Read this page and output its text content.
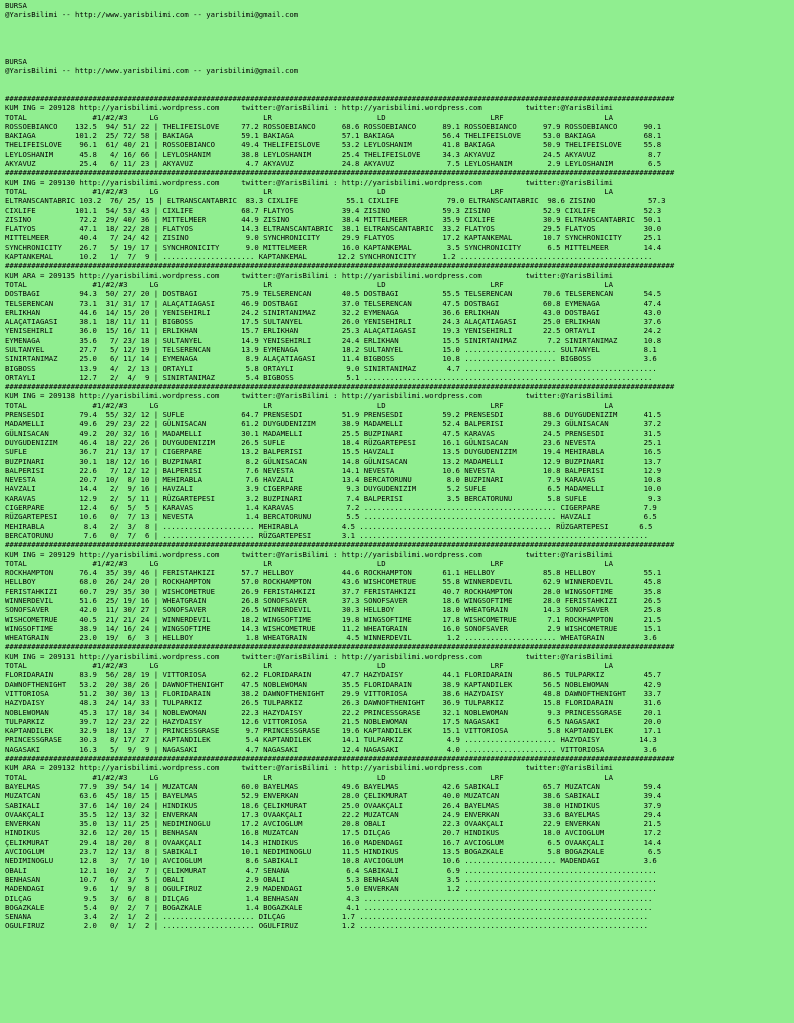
BURSA
@YarisBilimi -- http://www.yarisbilimi.com -- yarisbilimi@gmail.com

BURSA
@YarisBilimi -- http://www.yarisbilimi.com -- yarisbilimi@gmail.com

#########################################################################################################################################################
KUM ING = 209128 http://yarisbilimi.wordpress.com     twitter:@YarisBilimi : http://yarisbilimi.wordpress.com          twitter:@YarisBilimi
TOTAL               #1/#2/#3     LG                        LR                        LD                        LRF                       LA
ROSSOEBIANCO    132.5  94/ 51/ 22 | THELIFEISLOVE     77.2 ROSSOEBIANCO      68.6 ROSSOEBIANCO      89.1 ROSSOEBIANCO      97.9 ROSSOEBIANCO      90.1
BAKIAGA         101.2  25/ 72/ 58 | BAKIAGA           59.1 BAKIAGA           57.1 BAKIAGA           56.4 THELIFEISLOVE     53.0 BAKIAGA           68.1
THELIFEISLOVE    96.1  61/ 40/ 21 | ROSSOEBIANCO      49.4 THELIFEISLOVE     53.2 LEYLOSHANIM       41.8 BAKIAGA           50.9 THELIFEISLOVE     55.8
LEYLOSHANIM      45.8   4/ 16/ 66 | LEYLOSHANIM       38.8 LEYLOSHANIM       25.4 THELIFEISLOVE     34.3 AKYAVUZ           24.5 AKYAVUZ            8.7
AKYAVUZ          25.4   6/ 11/ 23 | AKYAVUZ            4.7 AKYAVUZ           24.8 AKYAVUZ            7.5 LEYLOSHANIM        2.9 LEYLOSHANIM        6.5
#########################################################################################################################################################
KUM ING = 209130 http://yarisbilimi.wordpress.com     twitter:@YarisBilimi : http://yarisbilimi.wordpress.com          twitter:@YarisBilimi
TOTAL               #1/#2/#3     LG                        LR                        LD                        LRF                       LA
ELTRANSCANTABRIC 103.2  76/ 25/ 15 | ELTRANSCANTABRIC  83.3 CIXLIFE           55.1 CIXLIFE           79.0 ELTRANSCANTABRIC  98.6 ZISINO            57.3
CIXLIFE         101.1  54/ 53/ 43 | CIXLIFE           68.7 FLATYOS           39.4 ZISINO            59.3 ZISINO            52.9 CIXLIFE           52.3
ZISINO           72.2  29/ 40/ 36 | MITTELMEER        44.9 ZISINO            38.4 MITTELMEER        35.9 CIXLIFE           30.9 ELTRANSCANTABRIC  50.1
FLATYOS          47.1  18/ 22/ 28 | FLATYOS           14.3 ELTRANSCANTABRIC  38.1 ELTRANSCANTABRIC  33.2 FLATYOS           29.5 FLATYOS           30.0
MITTELMEER       40.4   7/ 24/ 42 | ZISINO             9.0 SYNCHRONICITY     29.9 FLATYOS           17.2 KAPTANKEMAL       10.7 SYNCHRONICITY     25.1
SYNCHRONICITY    26.7   5/ 19/ 17 | SYNCHRONICITY      9.0 MITTELMEER        16.0 KAPTANKEMAL        3.5 SYNCHRONICITY      6.5 MITTELMEER        14.4
KAPTANKEMAL      10.2   1/  7/  9 | ..................... KAPTANKEMAL       12.2 SYNCHRONICITY      1.2 ............................................
#########################################################################################################################################################
KUM ARA = 209135 http://yarisbilimi.wordpress.com     twitter:@YarisBilimi : http://yarisbilimi.wordpress.com          twitter:@YarisBilimi
TOTAL               #1/#2/#3     LG                        LR                        LD                        LRF                       LA
DOSTBAGI         94.3  50/ 27/ 20 | DOSTBAGI          75.9 TELSERENCAN       40.5 DOSTBAGI          55.5 TELSERENCAN       70.6 TELSERENCAN       54.5
TELSERENCAN      73.1  31/ 31/ 17 | ALAÇATIAGASI      46.9 DOSTBAGI          37.0 TELSERENCAN       47.5 DOSTBAGI          60.8 EYMENAGA          47.4
ERLIKHAN         44.6  14/ 15/ 20 | YENISEHIRLI       24.2 SINIRTANIMAZ      32.2 EYMENAGA          36.6 ERLIKHAN          43.0 DOSTBAGI          43.0
ALAÇATIAGASI     38.1  18/ 11/ 11 | BIGBOSS           17.5 SULTANYEL         26.0 YENISEHIRLI       24.3 ALAÇATIAGASI      25.0 ERLIKHAN          37.6
YENISEHIRLI      36.0  15/ 16/ 11 | ERLIKHAN          15.7 ERLIKHAN          25.3 ALAÇATIAGASI      19.3 YENISEHIRLI       22.5 ORTAYLI           24.2
EYMENAGA         35.6   7/ 23/ 18 | SULTANYEL         14.9 YENISEHIRLI       24.4 ERLIKHAN          15.5 SINIRTANIMAZ       7.2 SINIRTANIMAZ      10.8
SULTANYEL        27.7   5/ 12/ 19 | TELSERENCAN       13.9 EYMENAGA          18.2 SULTANYEL         15.0 ..................... SULTANYEL          8.1
SINIRTANIMAZ     25.0   6/ 11/ 14 | EYMENAGA           8.9 ALAÇATIAGASI      11.4 BIGBOSS           10.8 ..................... BIGBOSS            3.6
BIGBOSS          13.9   4/  2/ 13 | ORTAYLI            5.8 ORTAYLI            9.0 SINIRTANIMAZ       4.7 ............................................
ORTAYLI          12.7   2/  4/  9 | SINIRTANIMAZ       5.4 BIGBOSS            5.1 ..................................................................
#########################################################################################################################################################
KUM ING = 209138 http://yarisbilimi.wordpress.com     twitter:@YarisBilimi : http://yarisbilimi.wordpress.com          twitter:@YarisBilimi
TOTAL               #1/#2/#3     LG                        LR                        LD                        LRF                       LA
PRENSESDI        79.4  55/ 32/ 12 | SUFLE             64.7 PRENSESDI         51.9 PRENSESDI         59.2 PRENSESDI         88.6 DUYGUDENIZIM      41.5
MADAMELLI        49.6  29/ 23/ 22 | GÜLNISACAN        61.2 DUYGUDENIZIM      38.9 MADAMELLI         52.4 BALPERISI         29.3 GÜLNISACAN        37.2
GÜLNISACAN       49.2  20/ 32/ 16 | MADAMELLI         30.1 MADAMELLI         25.5 BUZPINARI         47.5 KARAVAS           24.5 PRENSESDI         31.5
DUYGUDENIZIM     46.4  18/ 22/ 26 | DUYGUDENIZIM      26.5 SUFLE             18.4 RÜZGARTEPESI      16.1 GÜLNISACAN        23.6 NEVESTA           25.1
SUFLE            36.7  21/ 13/ 17 | CIGERPARE         13.2 BALPERISI         15.5 HAVZALI           13.5 DUYGUDENIZIM      19.4 MEHIRABLA         16.5
BUZPINARI        30.1  18/ 12/ 16 | BUZPINARI          8.2 GÜLNISACAN        14.8 GÜLNISACAN        13.2 MADAMELLI         12.9 BUZPINARI         13.7
BALPERISI        22.6   7/ 12/ 12 | BALPERISI          7.6 NEVESTA           14.1 NEVESTA           10.6 NEVESTA           10.8 BALPERISI         12.9
NEVESTA          20.7  10/  8/ 10 | MEHIRABLA          7.6 HAVZALI           13.4 BERCATORUNU        8.0 BUZPINARI          7.9 KARAVAS           10.8
HAVZALI          14.4   2/  9/ 16 | HAVZALI            3.9 CIGERPARE          9.3 DUYGUDENIZIM       5.2 SUFLE              6.5 MADAMELLI         10.0
KARAVAS          12.9   2/  5/ 11 | RÜZGARTEPESI       3.2 BUZPINARI          7.4 BALPERISI          3.5 BERCATORUNU        5.8 SUFLE              9.3
CIGERPARE        12.4   6/  5/  5 | KARAVAS            1.4 KARAVAS            7.2 ............................................ CIGERPARE          7.9
RÜZGARTEPESI     10.6   0/  7/ 13 | NEVESTA            1.4 BERCATORUNU        5.5 ............................................ HAVZALI            6.5
MEHIRABLA         8.4   2/  3/  8 | ..................... MEHIRABLA          4.5 ............................................ RÜZGARTEPESI       6.5
BERCATORUNU       7.6   0/  7/  6 | ..................... RÜZGARTEPESI       3.1 ..................................................................
#########################################################################################################################################################
KUM ING = 209129 http://yarisbilimi.wordpress.com     twitter:@YarisBilimi : http://yarisbilimi.wordpress.com          twitter:@YarisBilimi
TOTAL               #1/#2/#3     LG                        LR                        LD                        LRF                       LA
ROCKHAMPTON      76.4  35/ 39/ 46 | FERISTAHKIZI      57.7 HELLBOY           44.6 ROCKHAMPTON       61.1 HELLBOY           85.8 HELLBOY           55.1
HELLBOY          68.0  26/ 24/ 20 | ROCKHAMPTON       57.0 ROCKHAMPTON       43.6 WISHCOMETRUE      55.8 WINNERDEVIL       62.9 WINNERDEVIL       45.8
FERISTAHKIZI     60.7  29/ 35/ 30 | WISHCOMETRUE      26.9 FERISTAHKIZI      37.7 FERISTAHKIZI      40.7 ROCKHAMPTON       28.0 WINGSOFTIME       35.8
WINNERDEVIL      51.6  25/ 19/ 16 | WHEATGRAIN        26.8 SONOFSAVER        37.3 SONOFSAVER        18.6 WINGSOFTIME       28.0 FERISTAHKIZI      26.5
SONOFSAVER       42.0  11/ 30/ 27 | SONOFSAVER        26.5 WINNERDEVIL       30.3 HELLBOY           18.0 WHEATGRAIN        14.3 SONOFSAVER        25.8
WISHCOMETRUE     40.5  21/ 21/ 24 | WINNERDEVIL       18.2 WINGSOFTIME       19.8 WINGSOFTIME       17.8 WISHCOMETRUE       7.1 ROCKHAMPTON       21.5
WINGSOFTIME      38.9  14/ 16/ 24 | WINGSOFTIME       14.3 WISHCOMETRUE      11.2 WHEATGRAIN        16.0 SONOFSAVER         2.9 WISHCOMETRUE      15.1
WHEATGRAIN       23.0  19/  6/  3 | HELLBOY            1.8 WHEATGRAIN         4.5 WINNERDEVIL        1.2 ..................... WHEATGRAIN         3.6
#########################################################################################################################################################
KUM ING = 209131 http://yarisbilimi.wordpress.com     twitter:@YarisBilimi : http://yarisbilimi.wordpress.com          twitter:@YarisBilimi
TOTAL               #1/#2/#3     LG                        LR                        LD                        LRF                       LA
FLORIDARAIN      83.9  56/ 28/ 19 | VITTORIOSA        62.2 FLORIDARAIN       47.7 HAZYDAISY         44.1 FLORIDARAIN       86.5 TULPARKIZ         45.7
DAWNOFTHENIGHT   53.2  20/ 38/ 26 | DAWNOFTHENIGHT    47.5 NOBLEWOMAN        35.5 FLORIDARAIN       38.9 KAPTANDILEK       56.5 NOBLEWOMAN        42.9
VITTORIOSA       51.2  30/ 30/ 13 | FLORIDARAIN       38.2 DAWNOFTHENIGHT    29.9 VITTORIOSA        38.6 HAZYDAISY         48.8 DAWNOFTHENIGHT    33.7
HAZYDAISY        48.3  24/ 14/ 33 | TULPARKIZ         26.5 TULPARKIZ         26.3 DAWNOFTHENIGHT    36.9 TULPARKIZ         15.8 FLORIDARAIN       31.6
NOBLEWOMAN       45.3  17/ 18/ 34 | NOBLEWOMAN        22.3 HAZYDAISY         22.2 PRINCESSGRASE     32.1 NOBLEWOMAN         9.3 PRINCESSGRASE     20.1
TULPARKIZ        39.7  12/ 23/ 22 | HAZYDAISY         12.6 VITTORIOSA        21.5 NOBLEWOMAN        17.5 NAGASAKI           6.5 NAGASAKI          20.0
KAPTANDILEK      32.9  18/ 13/  7 | PRINCESSGRASE      9.7 PRINCESSGRASE     19.6 KAPTANDILEK       15.1 VITTORIOSA         5.8 KAPTANDILEK       17.1
PRINCESSGRASE    30.3   8/ 17/ 27 | KAPTANDILEK        5.4 KAPTANDILEK       14.1 TULPARKIZ          4.9 ..................... HAZYDAISY         14.3
NAGASAKI         16.3   5/  9/  9 | NAGASAKI           4.7 NAGASAKI          12.4 NAGASAKI           4.0 ..................... VITTORIOSA         3.6
#########################################################################################################################################################
KUM ARA = 209132 http://yarisbilimi.wordpress.com     twitter:@YarisBilimi : http://yarisbilimi.wordpress.com          twitter:@YarisBilimi
TOTAL               #1/#2/#3     LG                        LR                        LD                        LRF                       LA
BAYELMAS         77.9  39/ 54/ 14 | MUZATCAN          60.0 BAYELMAS          49.6 BAYELMAS          42.6 SABIKALI          65.7 MUZATCAN          59.4
MUZATCAN         63.6  45/ 18/ 15 | BAYELMAS          52.9 ENVERKAN          28.0 ÇELIKMURAT        40.0 MUZATCAN          38.6 SABIKALI          39.4
SABIKALI         37.6  14/ 10/ 24 | HINDIKUS          18.6 ÇELIKMURAT        25.0 OVAAKÇALI         26.4 BAYELMAS          38.0 HINDIKUS          37.9
OVAAKÇALI        35.5  12/ 13/ 32 | ENVERKAN          17.3 OVAAKÇALI         22.2 MUZATCAN          24.9 ENVERKAN          33.6 BAYELMAS          29.4
ENVERKAN         35.0  13/ 11/ 25 | NEDIMINOGLU       17.2 AVCIOGLUM         20.8 OBALI             22.3 OVAAKÇALI         22.9 ENVERKAN          21.5
HINDIKUS         32.6  12/ 20/ 15 | BENHASAN          16.8 MUZATCAN          17.5 DILÇAG            20.7 HINDIKUS          18.0 AVCIOGLUM         17.2
ÇELIKMURAT       29.4  18/ 20/  8 | OVAAKÇALI         14.3 HINDIKUS          16.0 MADENDAGI         16.7 AVCIOGLUM          6.5 OVAAKÇALI         14.4
AVCIOGLUM        23.7  12/ 13/  8 | SABIKALI          10.1 NEDIMINOGLU       11.5 HINDIKUS          13.5 BOGAZKALE          5.8 BOGAZKALE          6.5
NEDIMINOGLU      12.8   3/  7/ 10 | AVCIOGLUM          8.6 SABIKALI          10.8 AVCIOGLUM         10.6 ..................... MADENDAGI          3.6
OBALI            12.1  10/  2/  7 | ÇELIKMURAT         4.7 SENANA             6.4 SABIKALI           6.9 ............................................
BENHASAN         10.7   6/  3/  5 | OBALI              2.9 OBALI              5.3 BENHASAN           3.5 ............................................
MADENDAGI         9.6   1/  9/  8 | OGULFIRUZ          2.9 MADENDAGI          5.0 ENVERKAN           1.2 ............................................
DILÇAG            9.5   3/  6/  8 | DILÇAG             1.4 BENHASAN           4.3 ..................................................................
BOGAZKALE         5.4   0/  2/  7 | BOGAZKALE          1.4 BOGAZKALE          4.1 ..................................................................
SENANA            3.4   2/  1/  2 | ..................... DILÇAG             1.7 ..................................................................
OGULFIRUZ         2.0   0/  1/  2 | ..................... OGULFIRUZ          1.2 ..................................................................
